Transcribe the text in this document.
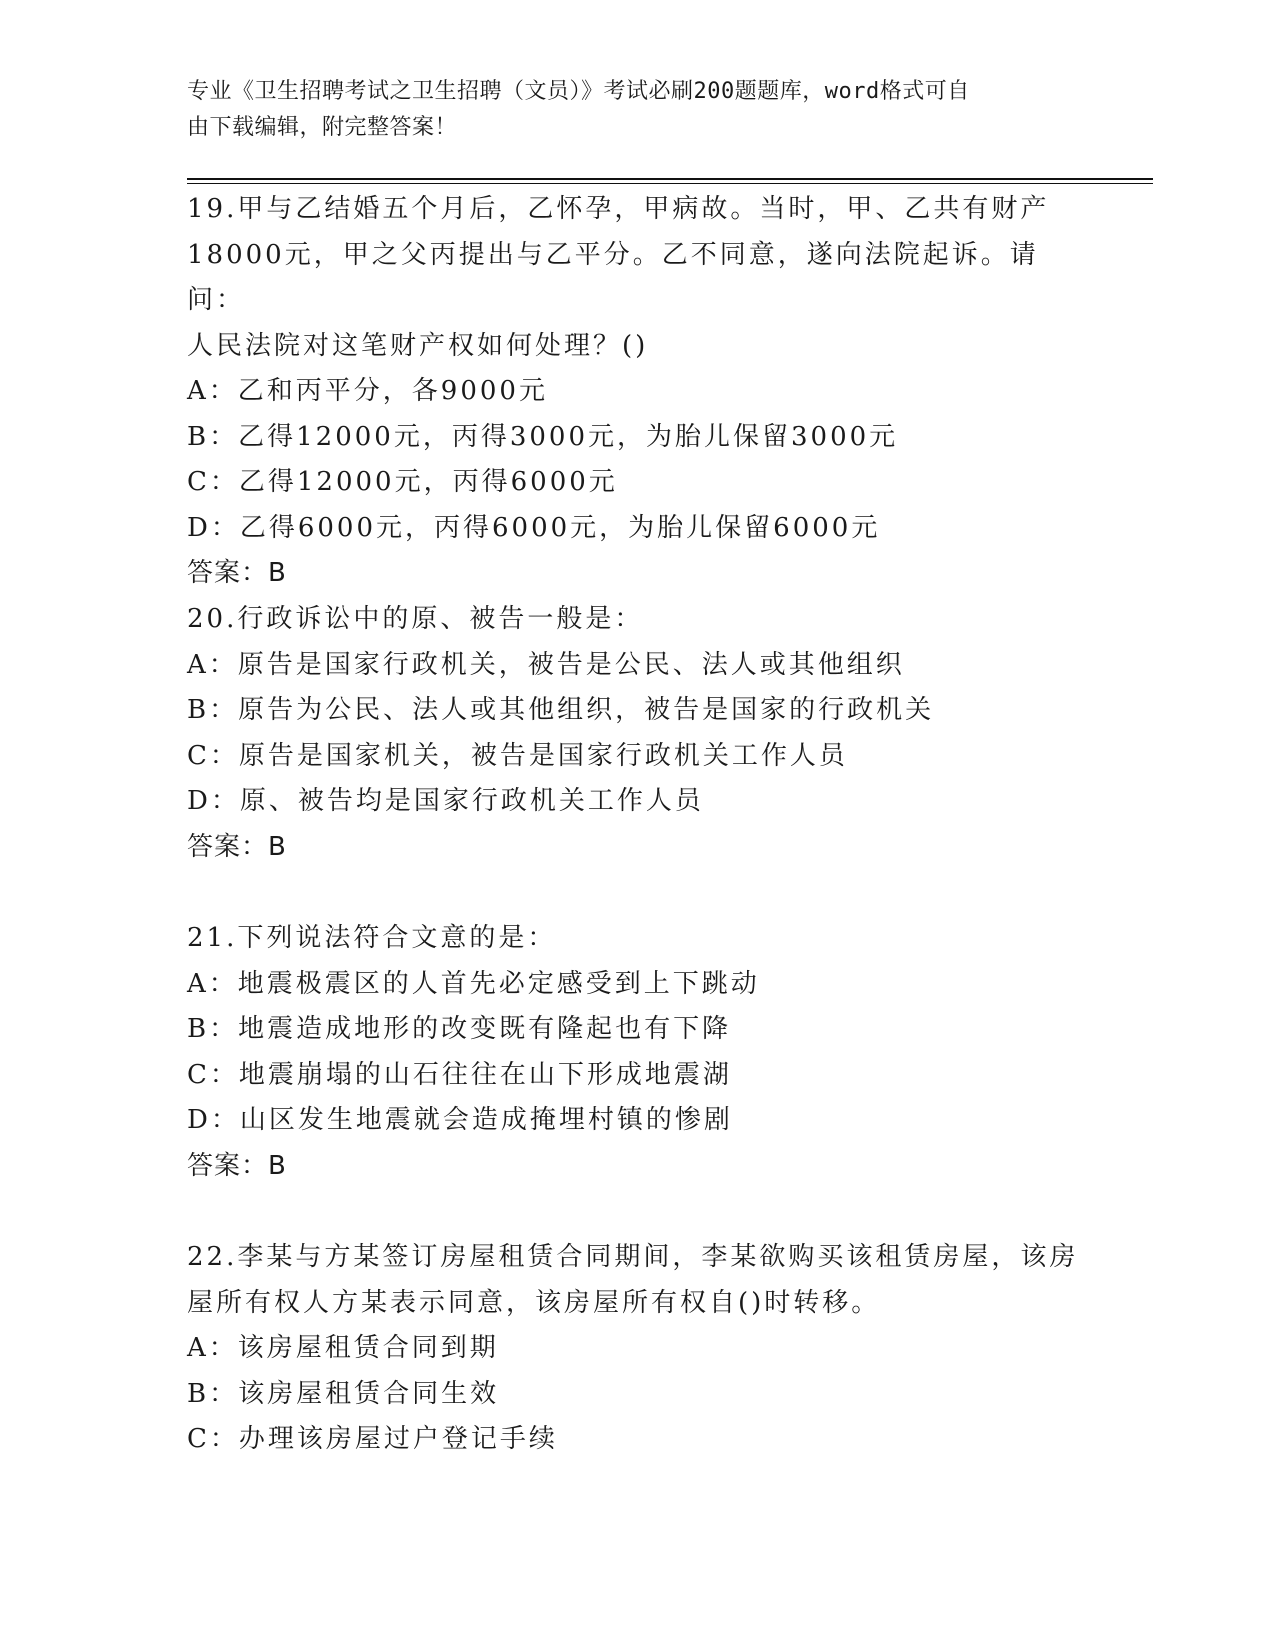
专业《卫生招聘考试之卫生招聘（文员）》考试必刷200题题库，word格式可自
由下载编辑，附完整答案！
19.甲与乙结婚五个月后，乙怀孕，甲病故。当时，甲、乙共有财产
18000元，甲之父丙提出与乙平分。乙不同意，遂向法院起诉。请问：
人民法院对这笔财产权如何处理？()
A：乙和丙平分，各9000元
B：乙得12000元，丙得3000元，为胎儿保留3000元
C：乙得12000元，丙得6000元
D：乙得6000元，丙得6000元，为胎儿保留6000元
答案：B
20.行政诉讼中的原、被告一般是：
A：原告是国家行政机关，被告是公民、法人或其他组织
B：原告为公民、法人或其他组织，被告是国家的行政机关
C：原告是国家机关，被告是国家行政机关工作人员
D：原、被告均是国家行政机关工作人员
答案：B
21.下列说法符合文意的是：
A：地震极震区的人首先必定感受到上下跳动
B：地震造成地形的改变既有隆起也有下降
C：地震崩塌的山石往往在山下形成地震湖
D：山区发生地震就会造成掩埋村镇的惨剧
答案：B
22.李某与方某签订房屋租赁合同期间，李某欲购买该租赁房屋，该房
屋所有权人方某表示同意，该房屋所有权自()时转移。
A：该房屋租赁合同到期
B：该房屋租赁合同生效
C：办理该房屋过户登记手续
